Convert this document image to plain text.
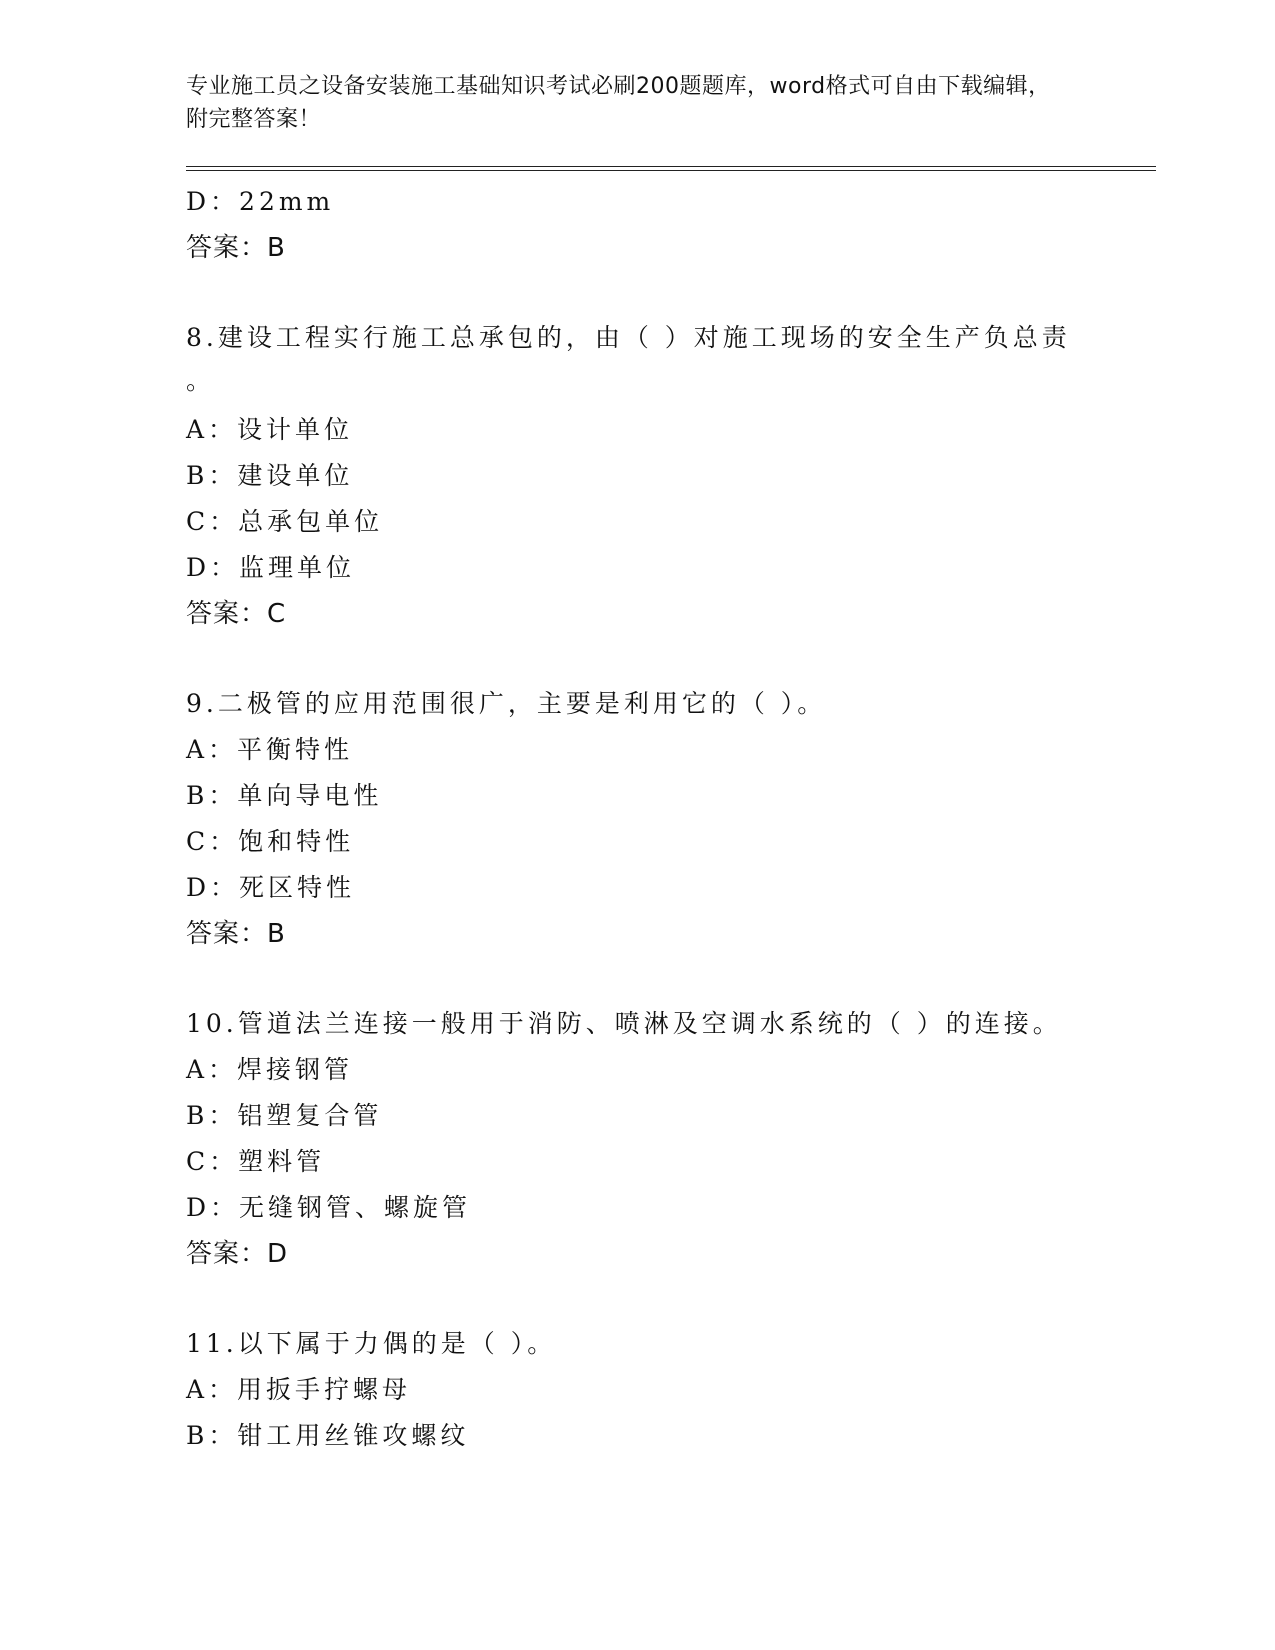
专业施工员之设备安装施工基础知识考试必刷200题题库，word格式可自由下载编辑，附完整答案！
D：22mm
答案：B
8.建设工程实行施工总承包的，由（ ）对施工现场的安全生产负总责
。
A：设计单位
B：建设单位
C：总承包单位
D：监理单位
答案：C
9.二极管的应用范围很广，主要是利用它的（ ）。
A：平衡特性
B：单向导电性
C：饱和特性
D：死区特性
答案：B
10.管道法兰连接一般用于消防、喷淋及空调水系统的（ ）的连接。
A：焊接钢管
B：铝塑复合管
C：塑料管
D：无缝钢管、螺旋管
答案：D
11.以下属于力偶的是（ ）。
A：用扳手拧螺母
B：钳工用丝锥攻螺纹
